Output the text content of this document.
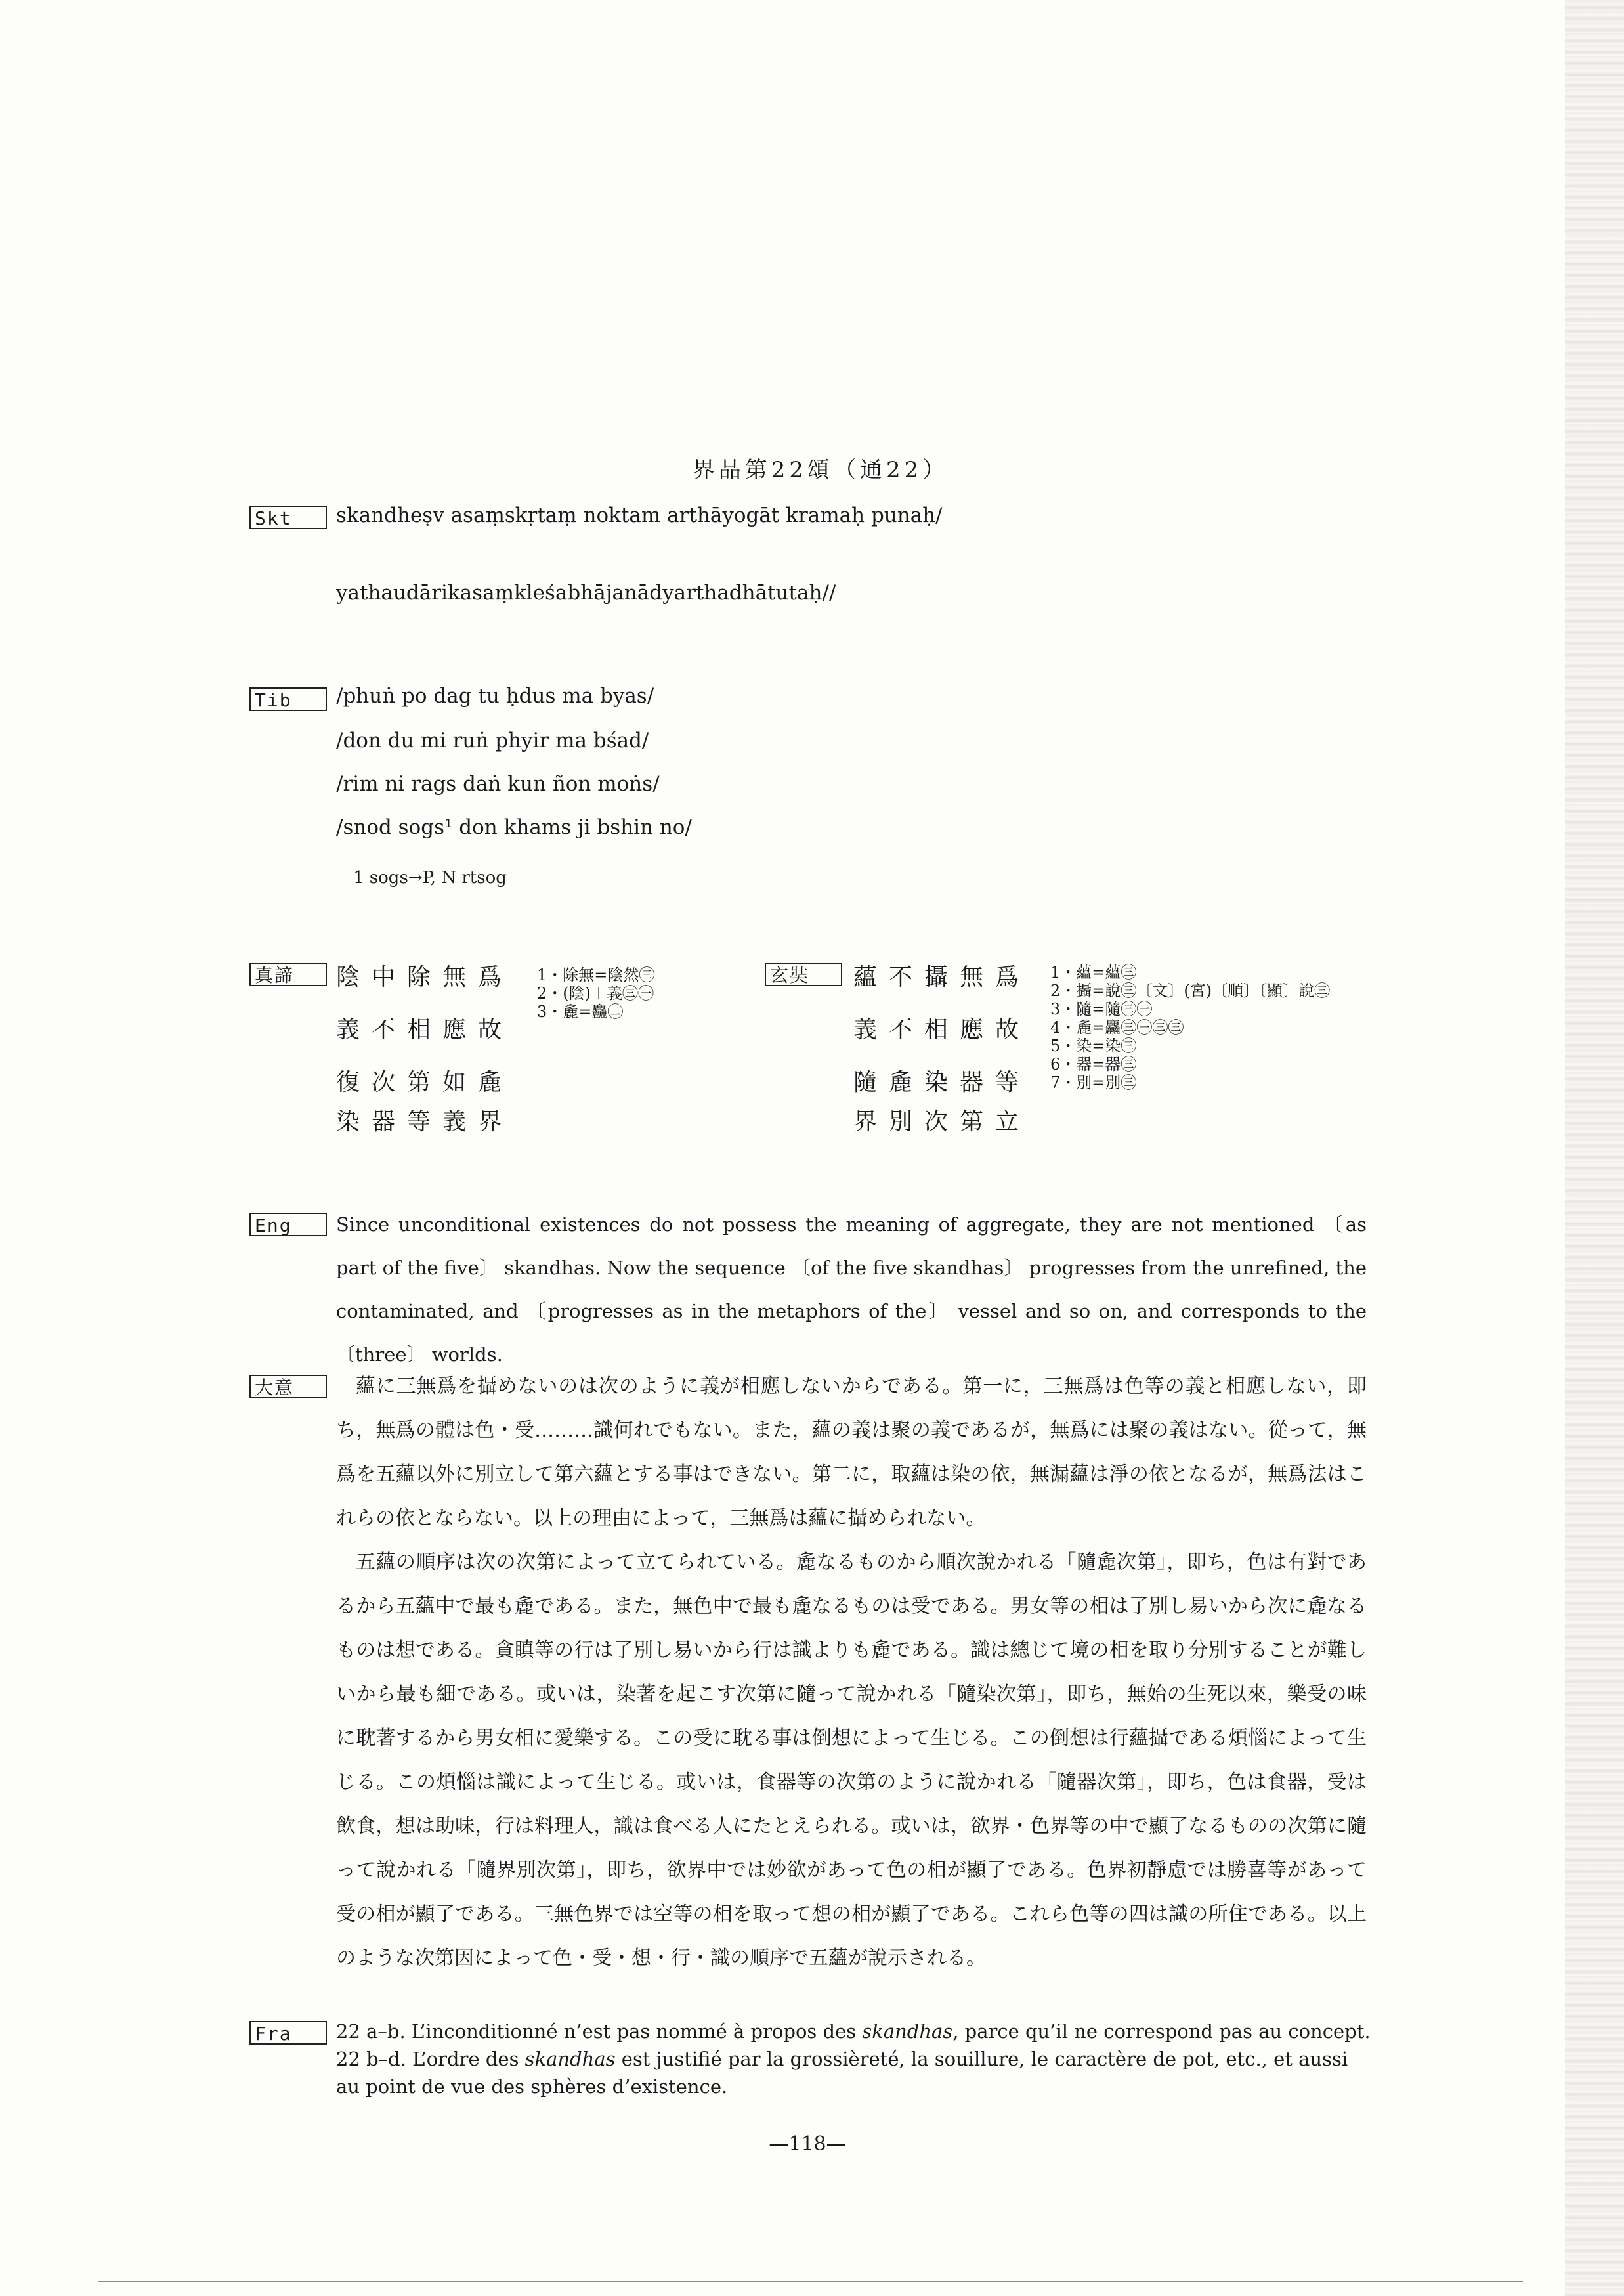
界品第22頌（通22）
Skt	skandheṣv asaṃskṛtaṃ noktam arthāyogāt kramaḥ punaḥ/
yathaudārikasaṃkleśabhājanādyarthadhātutaḥ//
Tib	/phuṅ po dag tu ḥdus ma byas/
/don du mi ruṅ phyir ma bśad/
/rim ni rags daṅ kun ñon moṅs/
/snod sogs¹ don khams ji bshin no/
1 sogs→P, N rtsog
真諦	陰中除無爲
義不相應故
復次第如麁
染器等義界
1・除無=陰然㊂
2・(陰)＋義㊂㊀
3・麁=麤㊁
玄奘	蘊不攝無爲
義不相應故
隨麁染器等
界別次第立
1・蘊=蘊㊂
2・攝=說㊂〔文〕(宮)〔順〕〔顯〕說㊂
3・隨=隨㊂㊀
4・麁=麤㊂㊀㊂㊂
5・染=染㊂
6・器=器㊂
7・別=別㊂
Eng	Since unconditional existences do not possess the meaning of aggregate, they are not mentioned 〔as part of the five〕 skandhas. Now the sequence 〔of the five skandhas〕 progresses from the unrefined, the contaminated, and 〔progresses as in the metaphors of the〕 vessel and so on, and corresponds to the 〔three〕 worlds.
大意	蘊に三無爲を攝めないのは次のように義が相應しないからである。第一に，三無爲は色等の義と相應しない，即ち，無爲の體は色・受………識何れでもない。また，蘊の義は聚の義であるが，無爲には聚の義はない。從って，無爲を五蘊以外に別立して第六蘊とする事はできない。第二に，取蘊は染の依，無漏蘊は淨の依となるが，無爲法はこれらの依とならない。以上の理由によって，三無爲は蘊に攝められない。

五蘊の順序は次の次第によって立てられている。麁なるものから順次說かれる「隨麁次第」，即ち，色は有對であるから五蘊中で最も麁である。また，無色中で最も麁なるものは受である。男女等の相は了別し易いから次に麁なるものは想である。貪瞋等の行は了別し易いから行は識よりも麁である。識は總じて境の相を取り分別することが難しいから最も細である。或いは，染著を起こす次第に隨って說かれる「隨染次第」，即ち，無始の生死以來，樂受の味に耽著するから男女相に愛樂する。この受に耽る事は倒想によって生じる。この倒想は行蘊攝である煩惱によって生じる。この煩惱は識によって生じる。或いは，食器等の次第のように說かれる「隨器次第」，即ち，色は食器，受は飲食，想は助味，行は料理人，識は食べる人にたとえられる。或いは，欲界・色界等の中で顯了なるものの次第に隨って說かれる「隨界別次第」，即ち，欲界中では妙欲があって色の相が顯了である。色界初靜慮では勝喜等があって受の相が顯了である。三無色界では空等の相を取って想の相が顯了である。これら色等の四は識の所住である。以上のような次第因によって色・受・想・行・識の順序で五蘊が說示される。

Fra	22 a–b. L’inconditionné n’est pas nommé à propos des skandhas, parce qu’il ne correspond pas au concept.
22 b–d. L’ordre des skandhas est justifié par la grossièreté, la souillure, le caractère de pot, etc., et aussi au point de vue des sphères d’existence.
—118—
